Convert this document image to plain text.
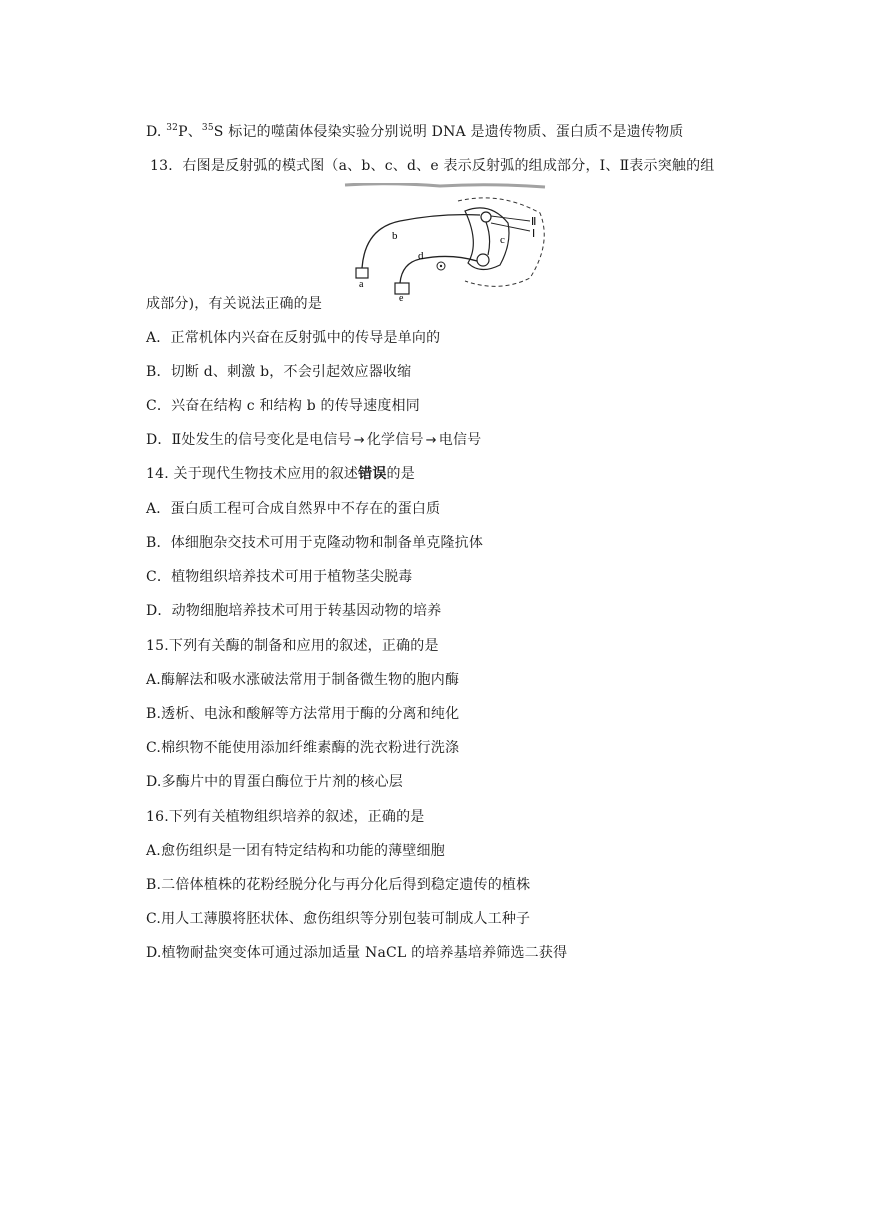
D. $^{32}$P、$^{35}$S 标记的噬菌体侵染实验分别说明 DNA 是遗传物质、蛋白质不是遗传物质
13．右图是反射弧的模式图（a、b、c、d、e 表示反射弧的组成部分，Ⅰ、Ⅱ表示突触的组
a
b	c
d
e
Ⅱ
Ⅰ
成部分)，有关说法正确的是
A．正常机体内兴奋在反射弧中的传导是单向的
B．切断 d、刺激 b，不会引起效应器收缩
C．兴奋在结构 c 和结构 b 的传导速度相同
D．Ⅱ处发生的信号变化是电信号 → 化学信号 → 电信号
14. 关于现代生物技术应用的叙述错误的是
A．蛋白质工程可合成自然界中不存在的蛋白质
B．体细胞杂交技术可用于克隆动物和制备单克隆抗体
C．植物组织培养技术可用于植物茎尖脱毒
D．动物细胞培养技术可用于转基因动物的培养
15.下列有关酶的制备和应用的叙述，正确的是
A.酶解法和吸水涨破法常用于制备微生物的胞内酶
B.透析、电泳和酸解等方法常用于酶的分离和纯化
C.棉织物不能使用添加纤维素酶的洗衣粉进行洗涤
D.多酶片中的胃蛋白酶位于片剂的核心层
16.下列有关植物组织培养的叙述，正确的是
A.愈伤组织是一团有特定结构和功能的薄壁细胞
B.二倍体植株的花粉经脱分化与再分化后得到稳定遗传的植株
C.用人工薄膜将胚状体、愈伤组织等分别包装可制成人工种子
D.植物耐盐突变体可通过添加适量 NaCL 的培养基培养筛选二获得
